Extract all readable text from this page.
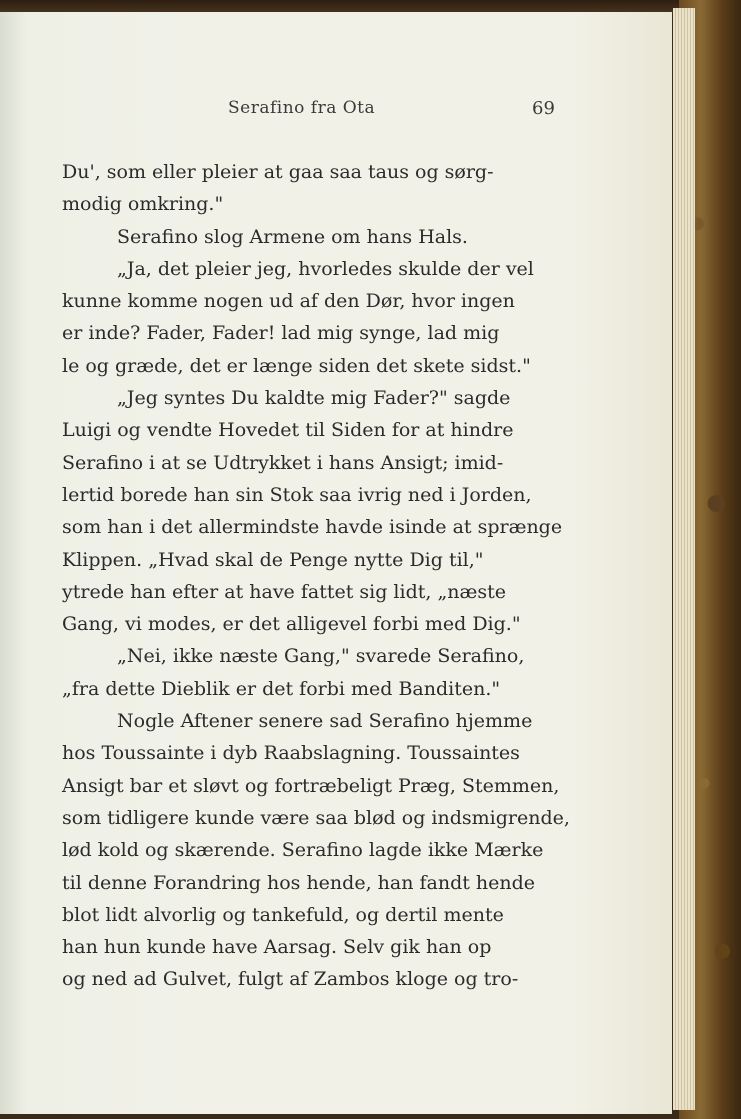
Serafino fra Ota	69
Du', som eller pleier at gaa saa taus og sørg-
modig omkring."
Serafino slog Armene om hans Hals.
„Ja, det pleier jeg, hvorledes skulde der vel
kunne komme nogen ud af den Dør, hvor ingen
er inde? Fader, Fader! lad mig synge, lad mig
le og græde, det er længe siden det skete sidst."
„Jeg syntes Du kaldte mig Fader?" sagde
Luigi og vendte Hovedet til Siden for at hindre
Serafino i at se Udtrykket i hans Ansigt; imid-
lertid borede han sin Stok saa ivrig ned i Jorden,
som han i det allermindste havde isinde at sprænge
Klippen. „Hvad skal de Penge nytte Dig til,"
ytrede han efter at have fattet sig lidt, „næste
Gang, vi modes, er det alligevel forbi med Dig."
„Nei, ikke næste Gang," svarede Serafino,
„fra dette Dieblik er det forbi med Banditen."
Nogle Aftener senere sad Serafino hjemme
hos Toussainte i dyb Raabslagning. Toussaintes
Ansigt bar et sløvt og fortræbeligt Præg, Stemmen,
som tidligere kunde være saa blød og indsmigrende,
lød kold og skærende. Serafino lagde ikke Mærke
til denne Forandring hos hende, han fandt hende
blot lidt alvorlig og tankefuld, og dertil mente
han hun kunde have Aarsag. Selv gik han op
og ned ad Gulvet, fulgt af Zambos kloge og tro-
